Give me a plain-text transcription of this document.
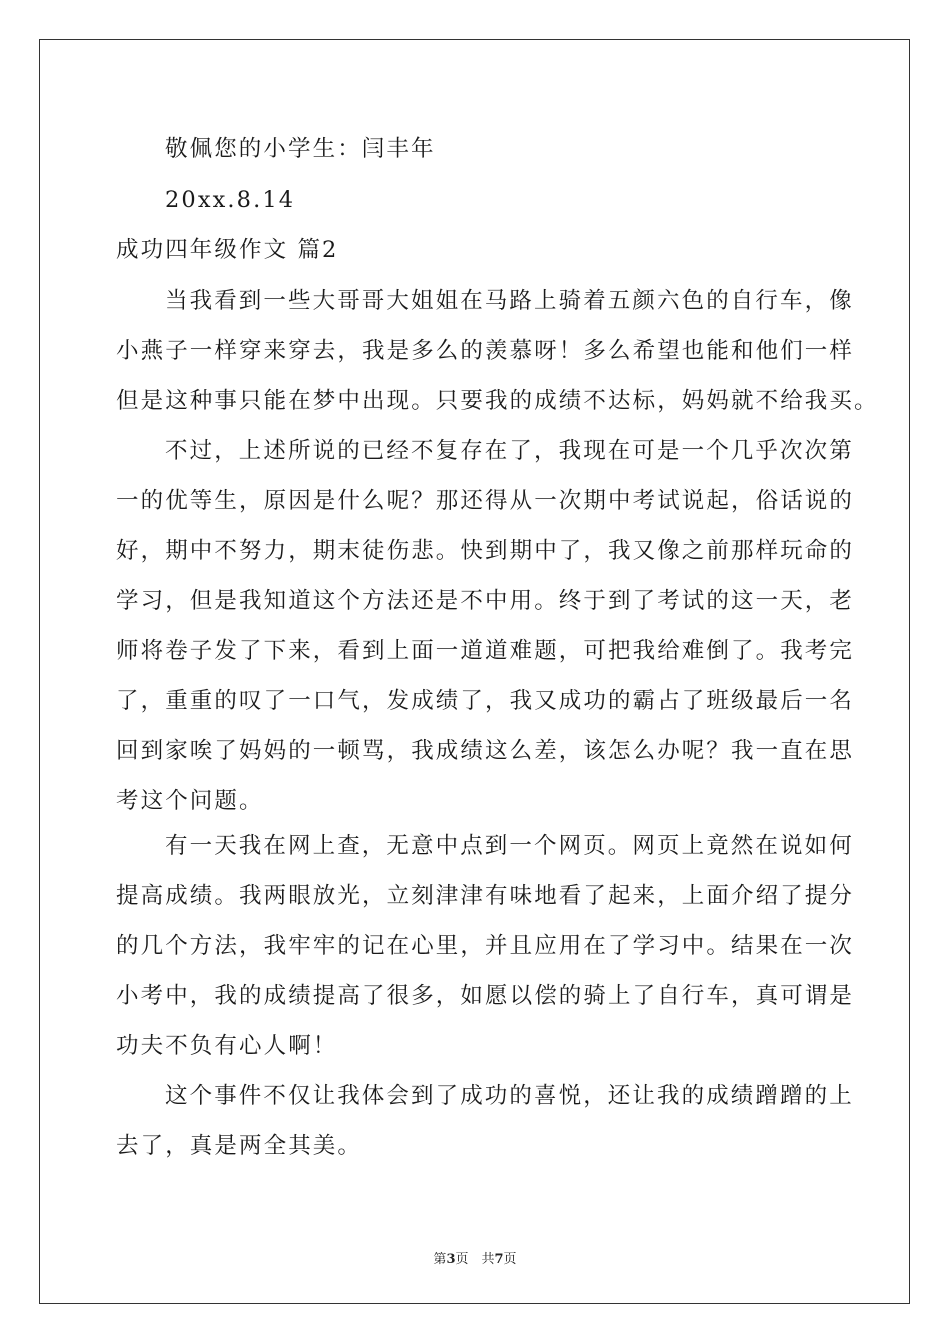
敬佩您的小学生：闫丰年
20xx.8.14
成功四年级作文 篇2
当我看到一些大哥哥大姐姐在马路上骑着五颜六色的自行车，像
小燕子一样穿来穿去，我是多么的羡慕呀！多么希望也能和他们一样
但是这种事只能在梦中出现。只要我的成绩不达标，妈妈就不给我买。
不过，上述所说的已经不复存在了，我现在可是一个几乎次次第
一的优等生，原因是什么呢？那还得从一次期中考试说起，俗话说的
好，期中不努力，期末徒伤悲。快到期中了，我又像之前那样玩命的
学习，但是我知道这个方法还是不中用。终于到了考试的这一天，老
师将卷子发了下来，看到上面一道道难题，可把我给难倒了。我考完
了，重重的叹了一口气，发成绩了，我又成功的霸占了班级最后一名
回到家唉了妈妈的一顿骂，我成绩这么差，该怎么办呢？我一直在思
考这个问题。
有一天我在网上查，无意中点到一个网页。网页上竟然在说如何
提高成绩。我两眼放光，立刻津津有味地看了起来，上面介绍了提分
的几个方法，我牢牢的记在心里，并且应用在了学习中。结果在一次
小考中，我的成绩提高了很多，如愿以偿的骑上了自行车，真可谓是
功夫不负有心人啊！
这个事件不仅让我体会到了成功的喜悦，还让我的成绩蹭蹭的上
去了，真是两全其美。
第3页　共7页
